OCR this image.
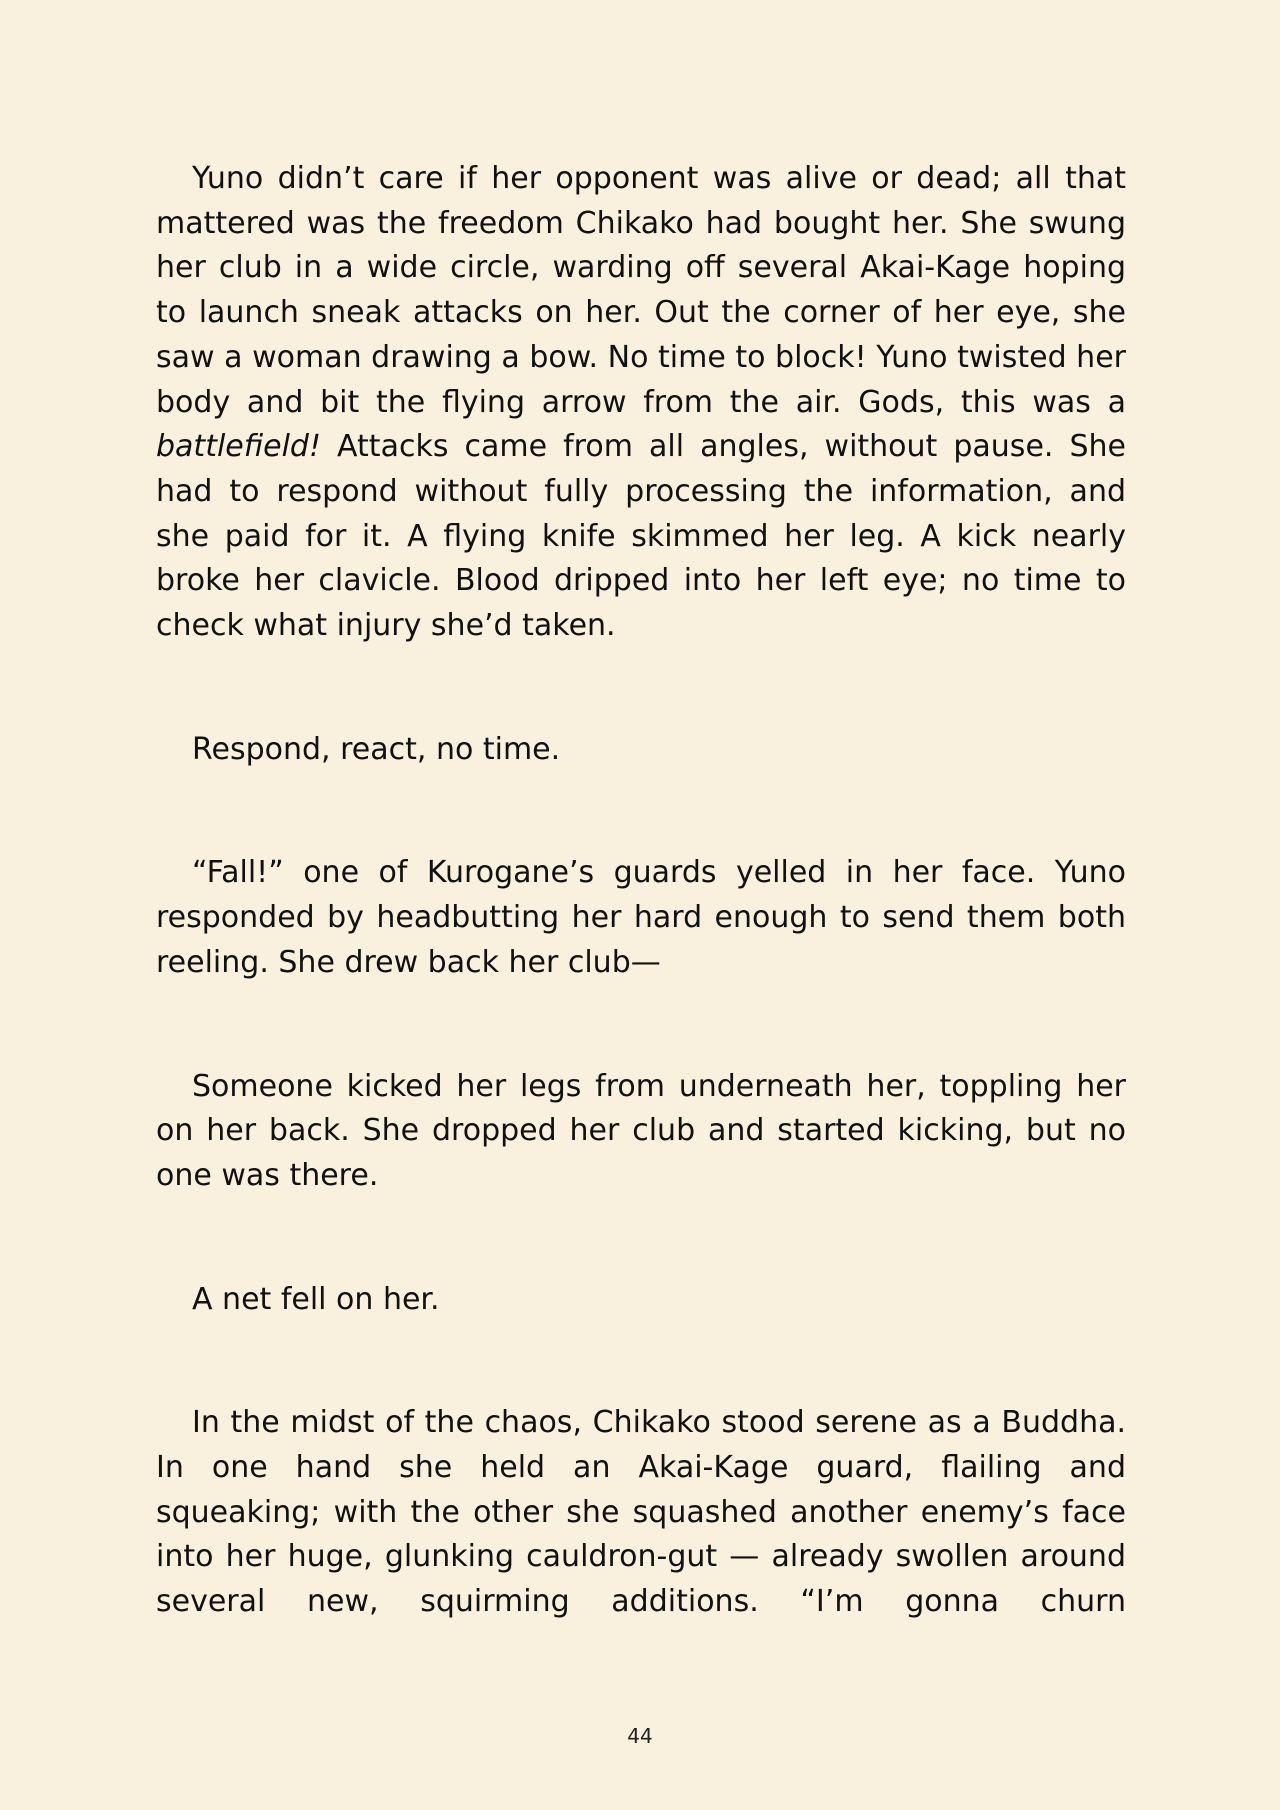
Yuno didn’t care if her opponent was alive or dead; all that mattered was the freedom Chikako had bought her. She swung her club in a wide circle, warding off several Akai-Kage hoping to launch sneak attacks on her. Out the corner of her eye, she saw a woman drawing a bow. No time to block! Yuno twisted her body and bit the flying arrow from the air. Gods, this was a battlefield! Attacks came from all angles, without pause. She had to respond without fully processing the information, and she paid for it. A flying knife skimmed her leg. A kick nearly broke her clavicle. Blood dripped into her left eye; no time to check what injury she’d taken.

Respond, react, no time.

“Fall!” one of Kurogane’s guards yelled in her face. Yuno responded by headbutting her hard enough to send them both reeling. She drew back her club—

Someone kicked her legs from underneath her, toppling her on her back. She dropped her club and started kicking, but no one was there.

A net fell on her.

In the midst of the chaos, Chikako stood serene as a Buddha. In one hand she held an Akai-Kage guard, flailing and squeaking; with the other she squashed another enemy’s face into her huge, glunking cauldron-gut — already swollen around several new, squirming additions. “I’m gonna churn

44
